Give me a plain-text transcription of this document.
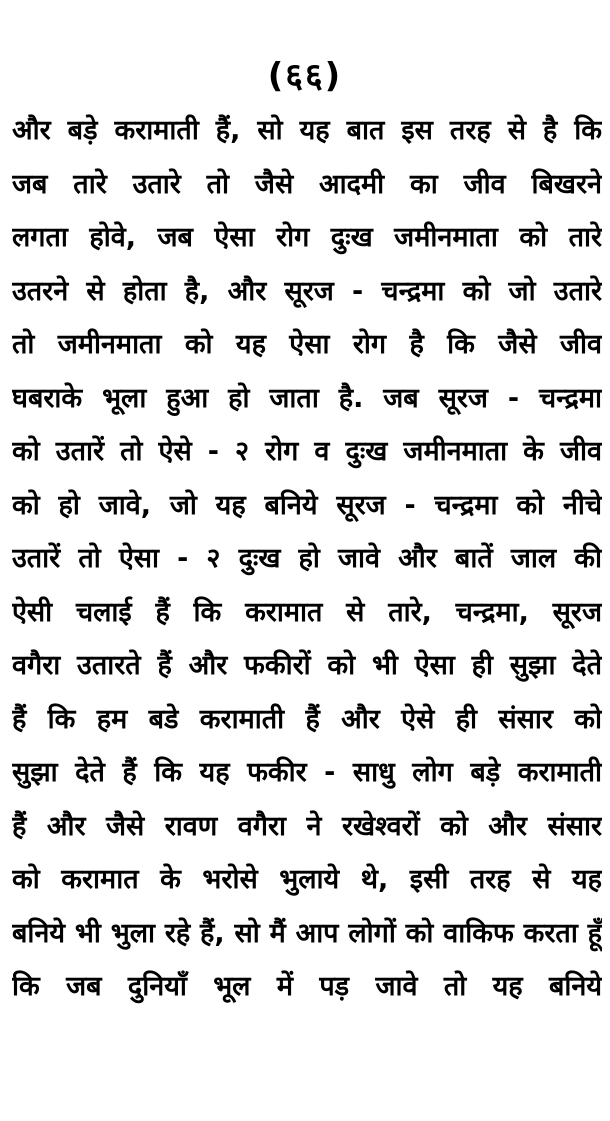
(६६)
और बड़े करामाती हैं, सो यह बात इस तरह से है कि
जब तारे उतारे तो जैसे आदमी का जीव बिखरने
लगता होवे, जब ऐसा रोग दुःख जमीनमाता को तारे
उतरने से होता है, और सूरज - चन्द्रमा को जो उतारे
तो जमीनमाता को यह ऐसा रोग है कि जैसे जीव
घबराके भूला हुआ हो जाता है. जब सूरज - चन्द्रमा
को उतारें तो ऐसे - २ रोग व दुःख जमीनमाता के जीव
को हो जावे, जो यह बनिये सूरज - चन्द्रमा को नीचे
उतारें तो ऐसा - २ दुःख हो जावे और बातें जाल की
ऐसी चलाई हैं कि करामात से तारे, चन्द्रमा, सूरज
वगैरा उतारते हैं और फकीरों को भी ऐसा ही सुझा देते
हैं कि हम बडे करामाती हैं और ऐसे ही संसार को
सुझा देते हैं कि यह फकीर - साधु लोग बड़े करामाती
हैं और जैसे रावण वगैरा ने रखेश्वरों को और संसार
को करामात के भरोसे भुलाये थे, इसी तरह से यह
बनिये भी भुला रहे हैं, सो मैं आप लोगों को वाकिफ करता हूँ
कि जब दुनियाँ भूल में पड़ जावे तो यह बनिये
